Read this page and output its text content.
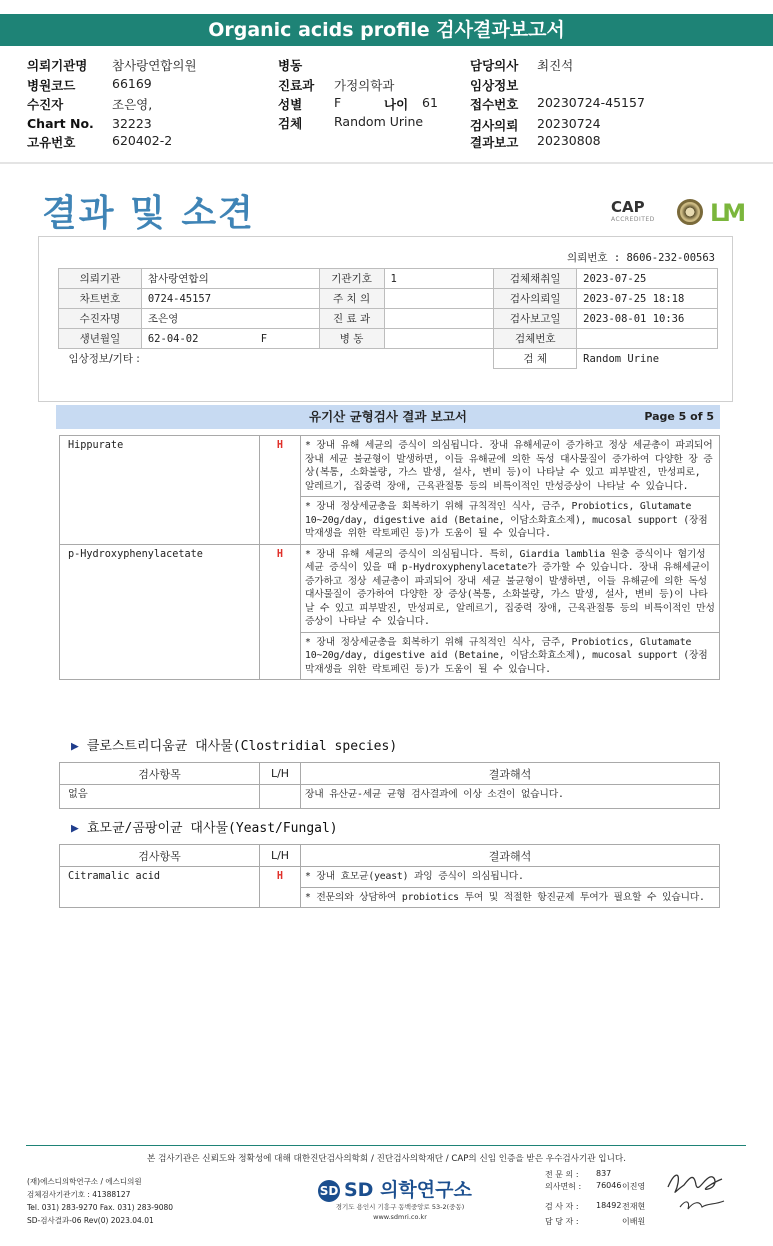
Organic acids profile 검사결과보고서
의뢰기관명 참사랑연합의원
병원코드	66169
수진자	조은영,
Chart No. 32223
고유번호	620402-2
병동
진료과 가정의학과
성별	F	나이 61
검체	Random Urine
담당의사 최진석
임상정보
접수번호 20230724-45157
검사의뢰 20230724
결과보고 20230808
결과 및 소견	CAP
ACCREDITED LM
의뢰번호 : 8606-232-00563
의뢰기관	참사랑연합의	기관기호	1	검체채취일	2023-07-25
차트번호	0724-45157	주 치 의		검사의뢰일	2023-07-25 18:18
수진자명	조은영	진 료 과		검사보고일	2023-08-01 10:36
생년월일	62-04-02 F	병 동		검체번호	
임상정보/기타 :				검 체	Random Urine
유기산 균형검사 결과 보고서	Page 5 of 5
Hippurate	H	* 장내 유해 세균의 증식이 의심됩니다. 장내 유해세균이 증가하고 정상 세균총이 파괴되어 장내 세균 불균형이 발생하면, 이들 유해균에 의한 독성 대사물질이 증가하여 다양한 장 증상(복통, 소화불량, 가스 발생, 설사, 변비 등)이 나타날 수 있고 피부발진, 만성피로, 알레르기, 집중력 장애, 근육관절통 등의 비특이적인 만성증상이 나타날 수 있습니다.
		* 장내 정상세균총을 회복하기 위해 규칙적인 식사, 금주, Probiotics, Glutamate 10~20g/day, digestive aid (Betaine, 이담소화효소제), mucosal support (장점막재생을 위한 락토페린 등)가 도움이 될 수 있습니다.
p-Hydroxyphenylacetate	H	* 장내 유해 세균의 증식이 의심됩니다. 특히, Giardia lamblia 원충 증식이나 혐기성 세균 증식이 있을 때 p-Hydroxyphenylacetate가 증가할 수 있습니다. 장내 유해세균이 증가하고 정상 세균총이 파괴되어 장내 세균 불균형이 발생하면, 이들 유해균에 의한 독성 대사물질이 증가하여 다양한 장 증상(복통, 소화불량, 가스 발생, 설사, 변비 등)이 나타날 수 있고 피부발진, 만성피로, 알레르기, 집중력 장애, 근육관절통 등의 비특이적인 만성증상이 나타날 수 있습니다.
		* 장내 정상세균총을 회복하기 위해 규칙적인 식사, 금주, Probiotics, Glutamate 10~20g/day, digestive aid (Betaine, 이담소화효소제), mucosal support (장점막재생을 위한 락토페린 등)가 도움이 될 수 있습니다.
▶ 클로스트리디움균 대사물(Clostridial species)
검사항목	L/H	결과해석
없음		장내 유산균-세균 균형 검사결과에 이상 소견이 없습니다.
▶ 효모균/곰팡이균 대사물(Yeast/Fungal)
검사항목	L/H	결과해석
Citramalic acid	H	* 장내 효모균(yeast) 과잉 증식이 의심됩니다.
		* 전문의와 상담하여 probiotics 투여 및 적절한 항진균제 투여가 필요할 수 있습니다.
본 검사기관은 신뢰도와 정확성에 대해 대한진단검사의학회 / 진단검사의학재단 / CAP의 신임 인증을 받은 우수검사기관 입니다.
(재)에스디의학연구소 / 에스디의원
검체검사기관기호 : 41388127
Tel. 031) 283-9270 Fax. 031) 283-9080
SD-검사결과-06 Rev(0) 2023.04.01
SD SD 의학연구소
경기도 용인시 기흥구 동백중앙로 53-2(중동)
www.sdmri.co.kr
전 문 의 : 837
의사면허 : 76046 이진영
검 사 자 : 18492 전재현
담 당 자 :	이배원
